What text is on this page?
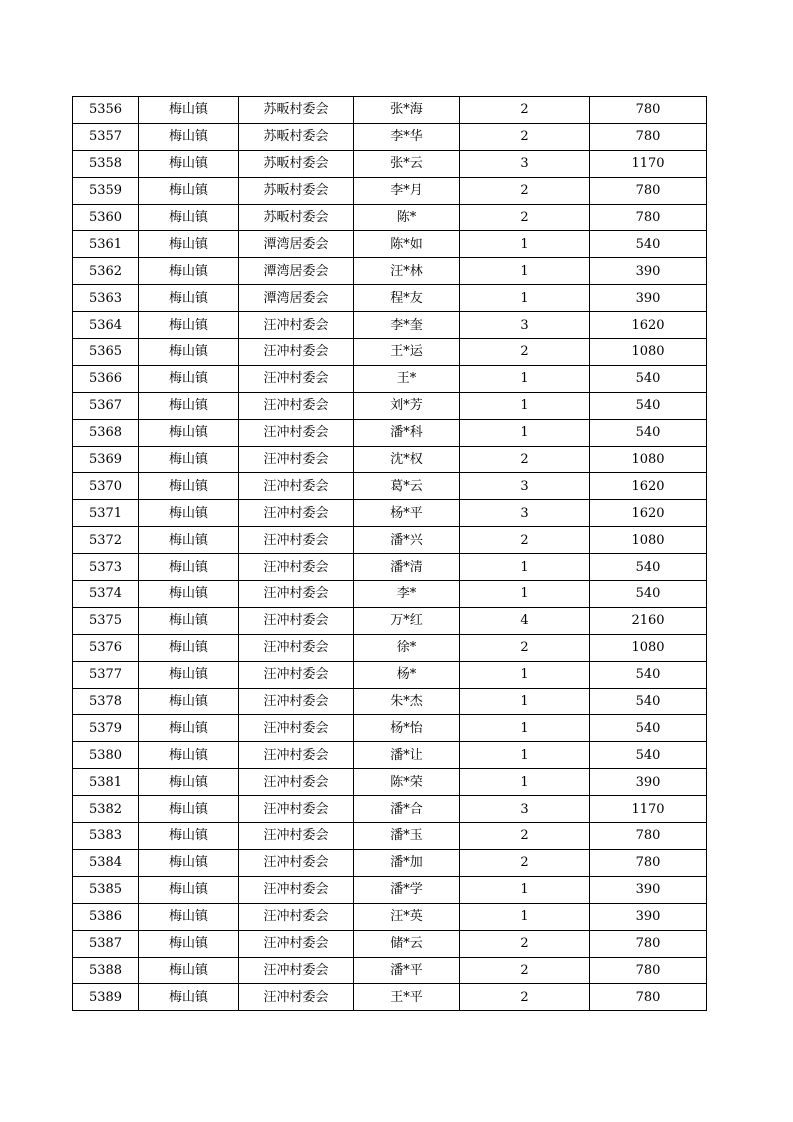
5356	梅山镇	苏畈村委会	张*海	2	780
5357	梅山镇	苏畈村委会	李*华	2	780
5358	梅山镇	苏畈村委会	张*云	3	1170
5359	梅山镇	苏畈村委会	李*月	2	780
5360	梅山镇	苏畈村委会	陈*	2	780
5361	梅山镇	潭湾居委会	陈*如	1	540
5362	梅山镇	潭湾居委会	汪*林	1	390
5363	梅山镇	潭湾居委会	程*友	1	390
5364	梅山镇	汪冲村委会	李*奎	3	1620
5365	梅山镇	汪冲村委会	王*运	2	1080
5366	梅山镇	汪冲村委会	王*	1	540
5367	梅山镇	汪冲村委会	刘*芳	1	540
5368	梅山镇	汪冲村委会	潘*科	1	540
5369	梅山镇	汪冲村委会	沈*权	2	1080
5370	梅山镇	汪冲村委会	葛*云	3	1620
5371	梅山镇	汪冲村委会	杨*平	3	1620
5372	梅山镇	汪冲村委会	潘*兴	2	1080
5373	梅山镇	汪冲村委会	潘*清	1	540
5374	梅山镇	汪冲村委会	李*	1	540
5375	梅山镇	汪冲村委会	万*红	4	2160
5376	梅山镇	汪冲村委会	徐*	2	1080
5377	梅山镇	汪冲村委会	杨*	1	540
5378	梅山镇	汪冲村委会	朱*杰	1	540
5379	梅山镇	汪冲村委会	杨*怡	1	540
5380	梅山镇	汪冲村委会	潘*让	1	540
5381	梅山镇	汪冲村委会	陈*荣	1	390
5382	梅山镇	汪冲村委会	潘*合	3	1170
5383	梅山镇	汪冲村委会	潘*玉	2	780
5384	梅山镇	汪冲村委会	潘*加	2	780
5385	梅山镇	汪冲村委会	潘*学	1	390
5386	梅山镇	汪冲村委会	汪*英	1	390
5387	梅山镇	汪冲村委会	储*云	2	780
5388	梅山镇	汪冲村委会	潘*平	2	780
5389	梅山镇	汪冲村委会	王*平	2	780
